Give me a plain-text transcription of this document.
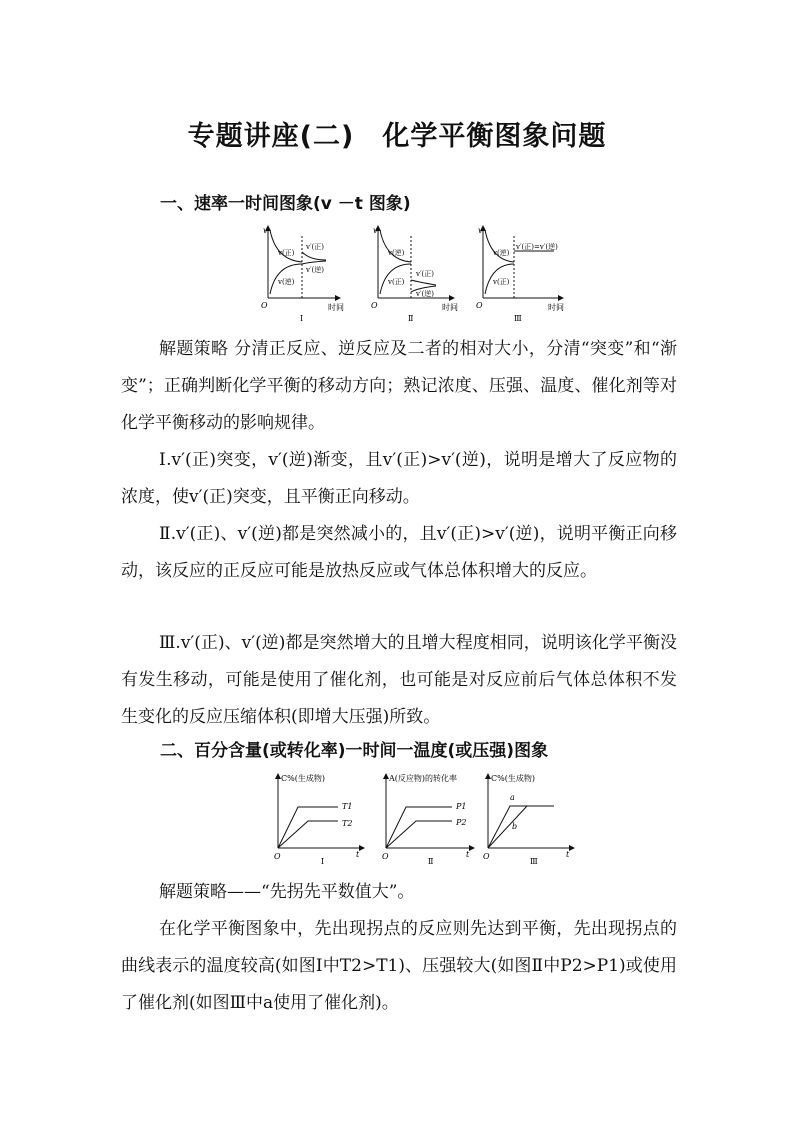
专题讲座(二) 化学平衡图象问题
一、速率一时间图象(v －t 图象)
v
O	时间
v(正)
v(逆)
v′(正)
v′(逆)
Ⅰ
v
O	时间
v(逆)
v(正)
v′(正)
v′(逆)
Ⅱ
v
O	时间
v(逆)
v(正)
v′(正)=v′(逆)
Ⅲ
解题策略 分清正反应、逆反应及二者的相对大小，分清“突变”和“渐变”；正确判断化学平衡的移动方向；熟记浓度、压强、温度、催化剂等对化学平衡移动的影响规律。
Ⅰ.v′(正)突变，v′(逆)渐变，且v′(正)>v′(逆)，说明是增大了反应物的浓度，使v′(正)突变，且平衡正向移动。
Ⅱ.v′(正)、v′(逆)都是突然减小的，且v′(正)>v′(逆)，说明平衡正向移动，该反应的正反应可能是放热反应或气体总体积增大的反应。
Ⅲ.v′(正)、v′(逆)都是突然增大的且增大程度相同，说明该化学平衡没有发生移动，可能是使用了催化剂，也可能是对反应前后气体总体积不发生变化的反应压缩体积(即增大压强)所致。
二、百分含量(或转化率)一时间一温度(或压强)图象
C%(生成物)
T1
T2
O	t
Ⅰ
A(反应物)的转化率
P1
P2
O	t
Ⅱ
C%(生成物)
a
b
O	t
Ⅲ
解题策略——“先拐先平数值大”。
在化学平衡图象中，先出现拐点的反应则先达到平衡，先出现拐点的曲线表示的温度较高(如图Ⅰ中T2>T1)、压强较大(如图Ⅱ中P2>P1)或使用了催化剂(如图Ⅲ中a使用了催化剂)。
